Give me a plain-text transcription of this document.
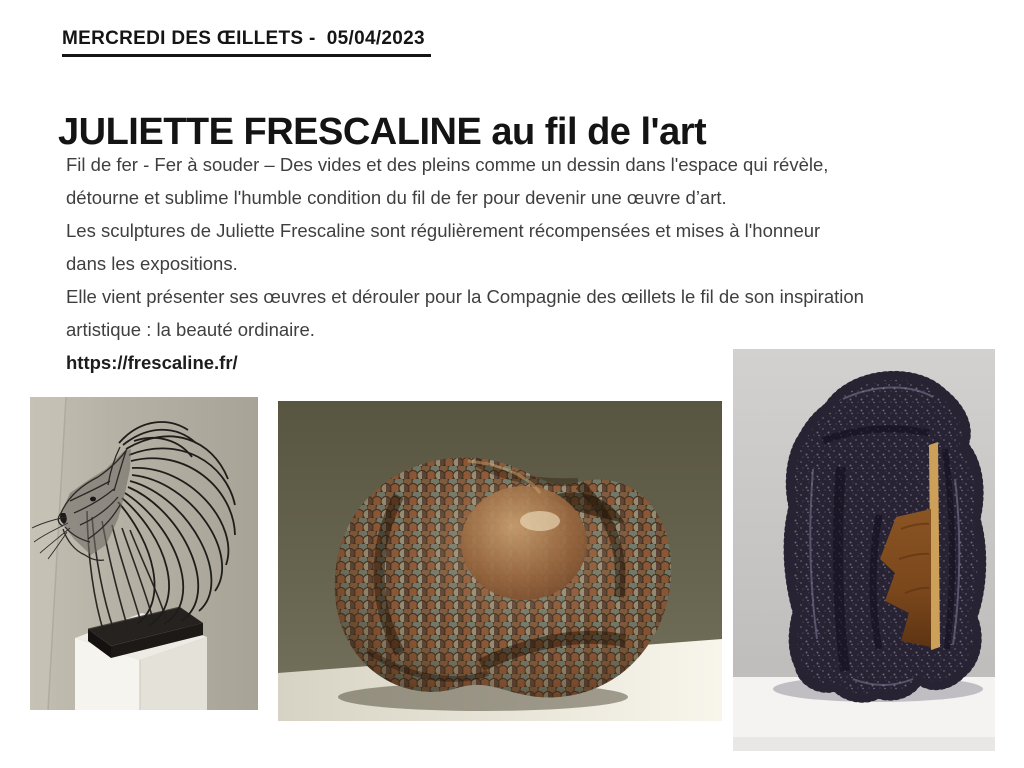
MERCREDI DES ŒILLETS -  05/04/2023
JULIETTE FRESCALINE au fil de l'art
Fil de fer - Fer à souder – Des vides et des pleins comme un dessin dans l'espace qui révèle,
détourne et sublime l'humble condition du fil de fer pour devenir une œuvre d’art.
Les sculptures de Juliette Frescaline sont régulièrement récompensées et mises à l'honneur
dans les expositions.
Elle vient présenter ses œuvres et dérouler pour la Compagnie des œillets le fil de son inspiration
artistique : la beauté ordinaire.
https://frescaline.fr/
